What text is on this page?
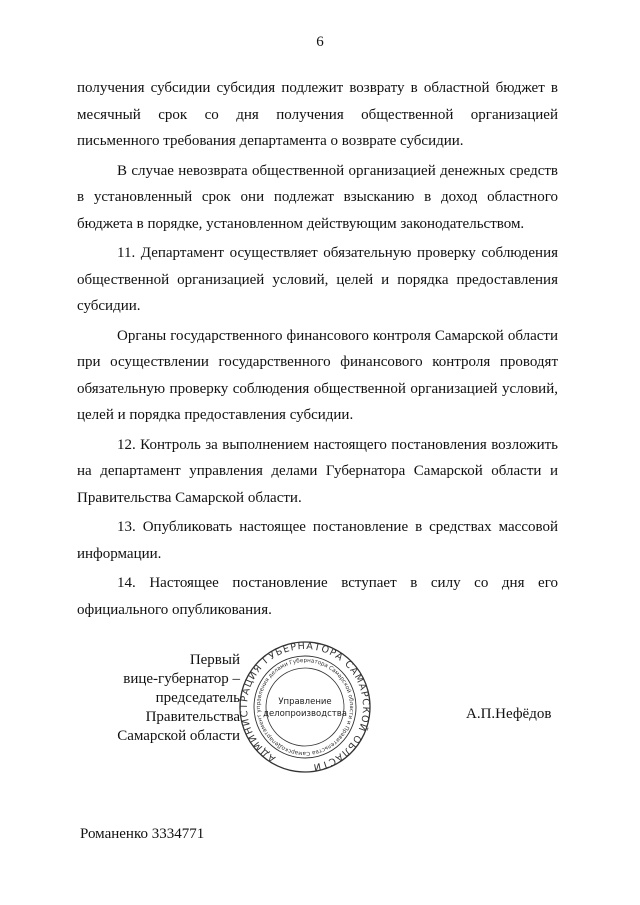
6

получения субсидии субсидия подлежит возврату в областной бюджет в месячный срок со дня получения общественной организацией письменного требования департамента о возврате субсидии.

В случае невозврата общественной организацией денежных средств в установленный срок они подлежат взысканию в доход областного бюджета в порядке, установленном действующим законодательством.

11. Департамент осуществляет обязательную проверку соблюдения общественной организацией условий, целей и порядка предоставления субсидии.

Органы государственного финансового контроля Самарской области при осуществлении государственного финансового контроля проводят обязательную проверку соблюдения общественной организацией условий, целей и порядка предоставления субсидии.

12. Контроль за выполнением настоящего постановления возложить на департамент управления делами Губернатора Самарской области и Правительства Самарской области.

13. Опубликовать настоящее постановление в средствах массовой информации.

14. Настоящее постановление вступает в силу со дня его официального опубликования.

Первый
вице-губернатор –
председатель Правительства
Самарской области
АДМИНИСТРАЦИЯ ГУБЕРНАТОРА САМАРСКОЙ ОБЛАСТИ
Департамент управления делами Губернатора Самарской области и Правительства Самарской
Управление
делопроизводства	А.П.Нефёдов
Романенко 3334771
